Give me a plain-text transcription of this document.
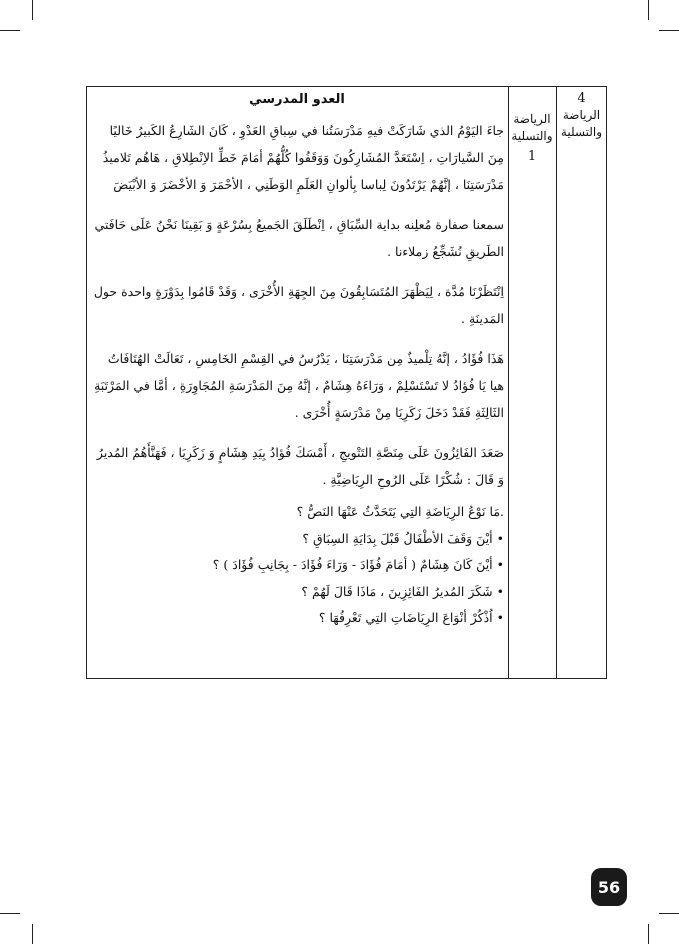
4
الرياضة والتسلية
الرياضة والتسلية
1
العدو المدرسي

جاءَ اليَوْمُ الذي شَارَكَتْ فيهِ مَدْرَسَتُنا في سِباقِ العَدْوِ ، كَانَ الشَارِعُ الكَبيرُ خَاليًا مِنَ السَّيارَاتِ ، اِسْتَعَدَّ المُشَارِكُونَ وَوَقَفُوا كُلُّهُمْ أمَامَ خَطِّ الاِنْطِلاقِ ، هَاهُم تَلاميذُ مَدْرَسَتِنَا ، إنَّهُمْ يَرْتَدُونَ لِباسا بِألوانِ العَلَمِ الوَطَنِي ، الأحْمَرَ وَ الأخْضَرَ وَ الأبْيَضَ

سمعنا صفارة مُعلِنه بداية السِّبَاقِ ، اِنْطَلَقَ الجَميعُ بِسُرْعَةٍ وَ بَقِينَا نَحْنُ عَلَى حَافَتي الطَريقِ نُشَجِّعُ زملاءنا .

اِنْتَظَرْنَا مُدَّة ، لِيَظْهَرَ المُتَسَابِقُونَ مِنَ الجِهَةِ الأُخْرَى ، وَقَدْ قَامُوا بِدَوْرَةٍ واحدة حول المَدينَةِ .

هَذَا فُؤَادُ ، إنَّهُ تِلْميذٌ مِن مَدْرَسَتِنَا ، يَدْرُسُ في القِسْمِ الخَامِسِ ، تَعَالَتْ الهُتَافَاتُ هيا يَا فُؤادُ لا تَسْتَسْلِمْ ، وَرَاءَهُ هِشَامٌ ، إنَّهُ مِنَ المَدْرَسَةِ المُجَاوِرَةِ ، أمَّا في المَرْتَبَةِ الثَالِثَةِ فَقَدْ دَخَلَ زَكَرِيَا مِنْ مَدْرَسَةٍ أُخْرَى .

صَعَدَ الفَائِزُونَ عَلَى مِنَصَّةِ التَتْويجِ ، أَمْسَكَ فُؤادُ بِيَدِ هِشَامٍ وَ زَكَرِيَا ، فَهَنَّأَهُمُ المُديرُ وَ قَالَ : شُكْرًا عَلَى الرُوحِ الرِيَاضِيَّةِ .

.مَا نَوْعُ الرِيَاضَةِ التِي يَتَحَدَّثُ عَنْهَا النَصُّ ؟

• أيْنَ وَقَفَ الأطْفَالُ قَبْلَ بِدَايَةِ السِبَاقِ ؟

• أيْنَ كَانَ هِشَامٌ ( أمَامَ فُؤَادَ - وَرَاءَ فُؤَادَ - بِجَانِبِ فُؤَادَ ) ؟

• شَكَرَ المُديرُ الفَائِزِينَ ، مَاذَا قَالَ لَهُمْ ؟

• اُذْكُرْ أنْوَاعَ الرِيَاضَاتِ التِي تَعْرِفُهَا ؟

56
